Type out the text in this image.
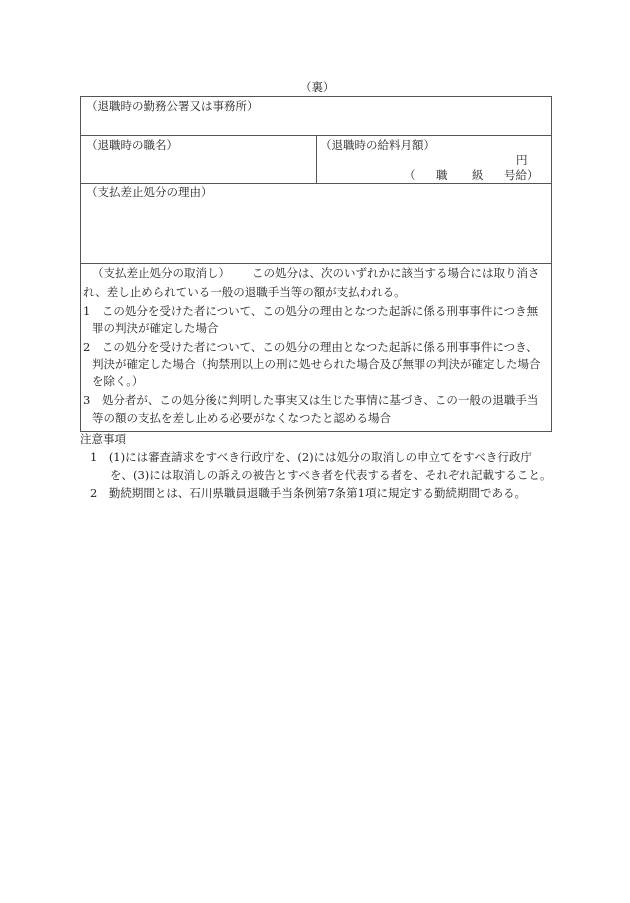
（裏）
（退職時の勤務公署又は事務所）
（退職時の職名）	（退職時の給料月額）
円
（ 職 級 号給）
（支払差止処分の理由）
（支払差止処分の取消し） この処分は、次のいずれかに該当する場合には取り消さ
れ、差し止められている一般の退職手当等の額が支払われる。
1　この処分を受けた者について、この処分の理由となつた起訴に係る刑事事件につき無
罪の判決が確定した場合
2　この処分を受けた者について、この処分の理由となつた起訴に係る刑事事件につき、
判決が確定した場合（拘禁刑以上の刑に処せられた場合及び無罪の判決が確定した場合
を除く。）
3　処分者が、この処分後に判明した事実又は生じた事情に基づき、この一般の退職手当
等の額の支払を差し止める必要がなくなつたと認める場合
注意事項
1　(1)には審査請求をすべき行政庁を、(2)には処分の取消しの申立てをすべき行政庁
を、(3)には取消しの訴えの被告とすべき者を代表する者を、それぞれ記載すること。
2　勤続期間とは、石川県職員退職手当条例第7条第1項に規定する勤続期間である。
